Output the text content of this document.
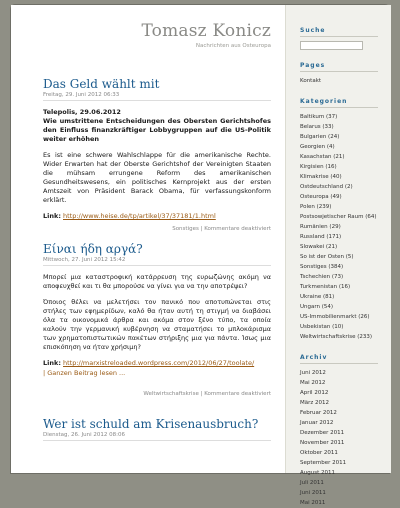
Tomasz Konicz
Nachrichten aus Osteuropa
Das Geld wählt mit
Freitag, 29. Juni 2012 06:33

Telepolis, 29.06.2012
Wie umstrittene Entscheidungen des Obersten Gerichtshofes den Einfluss finanzkräftiger Lobbygruppen auf die US-Politik weiter erhöhen

Es ist eine schwere Wahlschlappe für die amerikanische Rechte. Wider Erwarten hat der Oberste Gerichtshof der Vereinigten Staaten die mühsam errungene Reform des amerikanischen Gesundheitswesens, ein politisches Kernprojekt aus der ersten Amtszeit von Präsident Barack Obama, für verfassungskonform erklärt.

Link: http://www.heise.de/tp/artikel/37/37181/1.html
Sonstiges | Kommentare deaktiviert
Είναι ήδη αργά?
Mittwoch, 27. Juni 2012 15:42

Μπορεί μια καταστροφική κατάρρευση της ευρωζώνης ακόμη να αποφευχθεί και τι θα μπορούσε να γίνει για να την αποτρέψει?

Όποιος θέλει να μελετήσει τον πανικό που αποτυπώνεται στις στήλες των εφημερίδων, καλό θα ήταν αυτή τη στιγμή να διαβάσει όλα τα οικονομικά άρθρα και ακόμα στον ξένο τύπο, τα οποία καλούν την γερμανική κυβέρνηση να σταματήσει το μπλοκάρισμα των χρηματοπιστωτικών πακέτων στήριξης μια για πάντα. Ίσως μια επισκόπηση να ήταν χρήσιμη?

Link: http://marxistreloaded.wordpress.com/2012/06/27/toolate/
| Ganzen Beitrag lesen ...
Weltwirtschaftskrise | Kommentare deaktiviert
Wer ist schuld am Krisenausbruch?
Dienstag, 26. Juni 2012 08:06
Suche
Pages
Kontakt
Kategorien
Baltikum (37)
Belarus (33)
Bulgarien (24)
Georgien (4)
Kasachstan (21)
Kirgisien (16)
Klimakrise (40)
Ostdeutschland (2)
Osteuropa (49)
Polen (239)
Postsowjetischer Raum (64)
Rumänien (29)
Russland (171)
Slowakei (21)
So ist der Osten (5)
Sonstiges (384)
Tschechien (73)
Turkmenistan (16)
Ukraine (81)
Ungarn (54)
US-Immobilienmarkt (26)
Usbekistan (10)
Weltwirtschaftskrise (233)
Archiv
Juni 2012
Mai 2012
April 2012
März 2012
Februar 2012
Januar 2012
Dezember 2011
November 2011
Oktober 2011
September 2011
August 2011
Juli 2011
Juni 2011
Mai 2011
